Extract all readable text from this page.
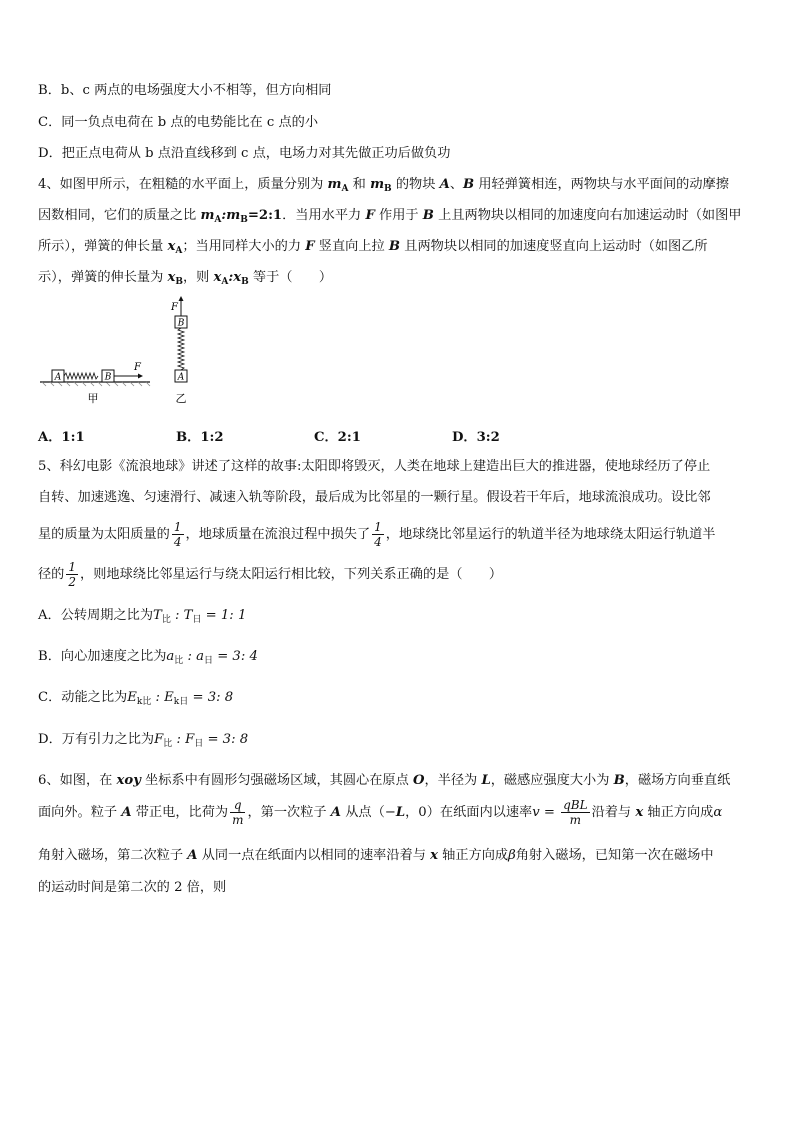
B．b、c 两点的电场强度大小不相等，但方向相同
C．同一负点电荷在 b 点的电势能比在 c 点的小
D．把正点电荷从 b 点沿直线移到 c 点，电场力对其先做正功后做负功
4、如图甲所示，在粗糙的水平面上，质量分别为 $m_A$ 和 $m_B$ 的物块 A、B 用轻弹簧相连，两物块与水平面间的动摩擦
因数相同，它们的质量之比 $m_A:m_B=2:1$．当用水平力 F 作用于 B 上且两物块以相同的加速度向右加速运动时（如图甲
所示），弹簧的伸长量 $x_A$；当用同样大小的力 F 竖直向上拉 B 且两物块以相同的加速度竖直向上运动时（如图乙所
示），弹簧的伸长量为 $x_B$，则 $x_A:x_B$ 等于（　　）
A	B
F
甲
F
B
A
乙
A．1:1	B．1:2	C．2:1	D．3:2
5、科幻电影《流浪地球》讲述了这样的故事:太阳即将毁灭，人类在地球上建造出巨大的推进器，使地球经历了停止
自转、加速逃逸、匀速滑行、减速入轨等阶段，最后成为比邻星的一颗行星。假设若干年后，地球流浪成功。设比邻
星的质量为太阳质量的 $\frac{1}{4}$ ，地球质量在流浪过程中损失了 $\frac{1}{4}$ ，地球绕比邻星运行的轨道半径为地球绕太阳运行轨道半
径的 $\frac{1}{2}$ ，则地球绕比邻星运行与绕太阳运行相比较，下列关系正确的是（　　）
A．公转周期之比为$T_比$ : $T_日 = 1$: 1
B．向心加速度之比为$a_比$ : $a_日 = 3$: 4
C．动能之比为$E_{k比}$ : $E_{k日} = 3$: 8
D．万有引力之比为$F_比$ : $F_日 = 3$: 8
6、如图，在 xoy 坐标系中有圆形匀强磁场区域，其圆心在原点 O，半径为 L，磁感应强度大小为 B，磁场方向垂直纸
面向外。粒子 A 带正电，比荷为 $\frac{q}{m}$ ，第一次粒子 A 从点（−L，0）在纸面内以速率$v = \frac{\text{qBL}}{m}$ 沿着与 x 轴正方向成α
角射入磁场，第二次粒子 A 从同一点在纸面内以相同的速率沿着与 x 轴正方向成β角射入磁场，已知第一次在磁场中
的运动时间是第二次的 2 倍，则
